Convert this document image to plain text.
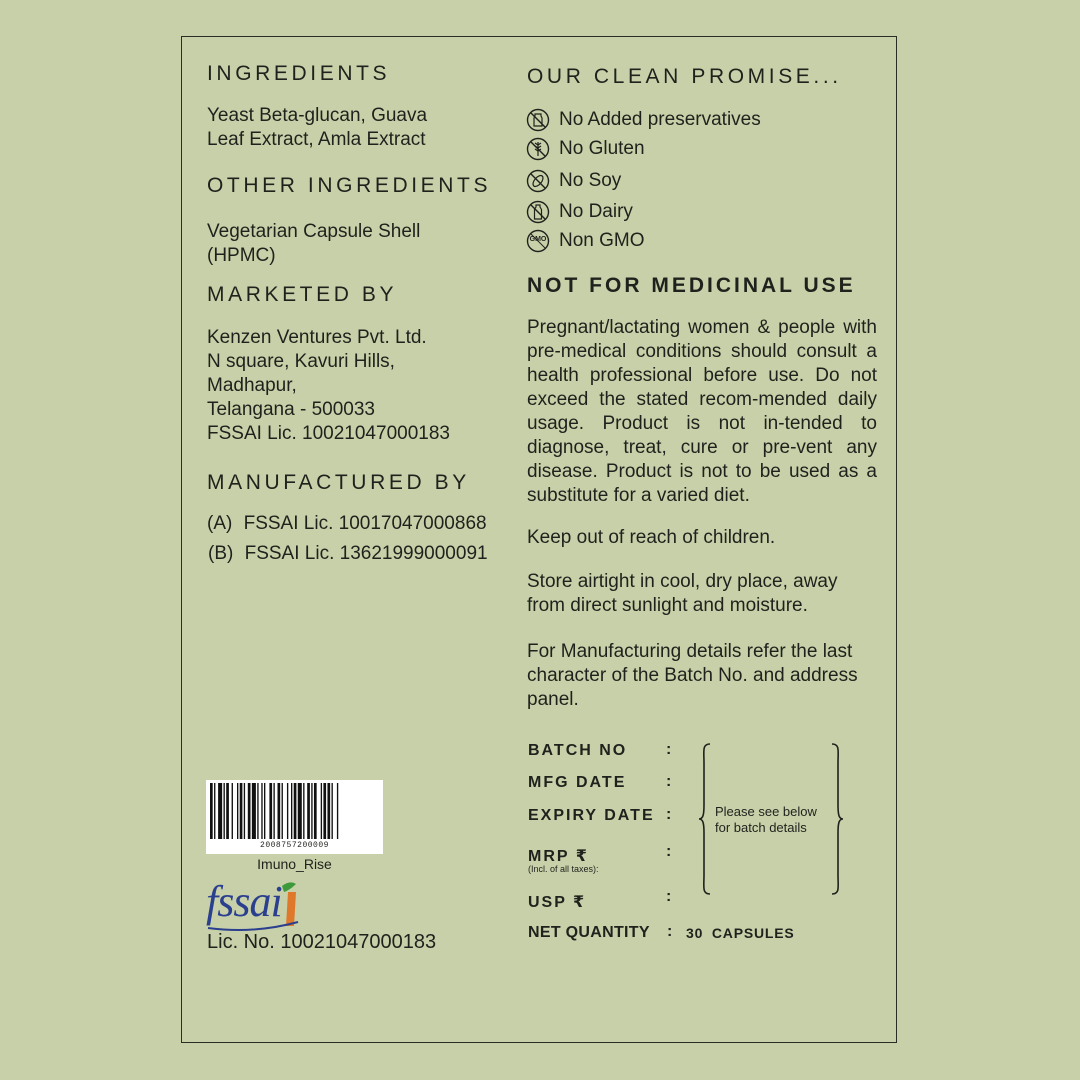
INGREDIENTS
Yeast Beta-glucan, Guava
Leaf Extract, Amla Extract
OTHER INGREDIENTS
Vegetarian Capsule Shell
(HPMC)
MARKETED BY
Kenzen Ventures Pvt. Ltd.
N square, Kavuri Hills,
Madhapur,
Telangana - 500033
FSSAI Lic. 10021047000183
MANUFACTURED BY
(A) FSSAI Lic. 10017047000868
(B) FSSAI Lic. 13621999000091
2008757200009
Imuno_Rise
fssai
Lic. No. 10021047000183
OUR CLEAN PROMISE...
No Added preservatives
No Gluten
No Soy
No Dairy
GMO Non GMO
NOT FOR MEDICINAL USE
Pregnant/lactating women & people with pre-medical conditions should consult a health professional before use. Do not exceed the stated recom-mended daily usage. Product is not in-tended to diagnose, treat, cure or pre-vent any disease. Product is not to be used as a substitute for a varied diet.
Keep out of reach of children.
Store airtight in cool, dry place, away from direct sunlight and moisture.
For Manufacturing details refer the last character of the Batch No. and address panel.
BATCH NO :
MFG DATE :
EXPIRY DATE :
MRP ₹
(Incl. of all taxes):
:
USP ₹	:
NET QUANTITY : 30 CAPSULES
Please see below
for batch details
